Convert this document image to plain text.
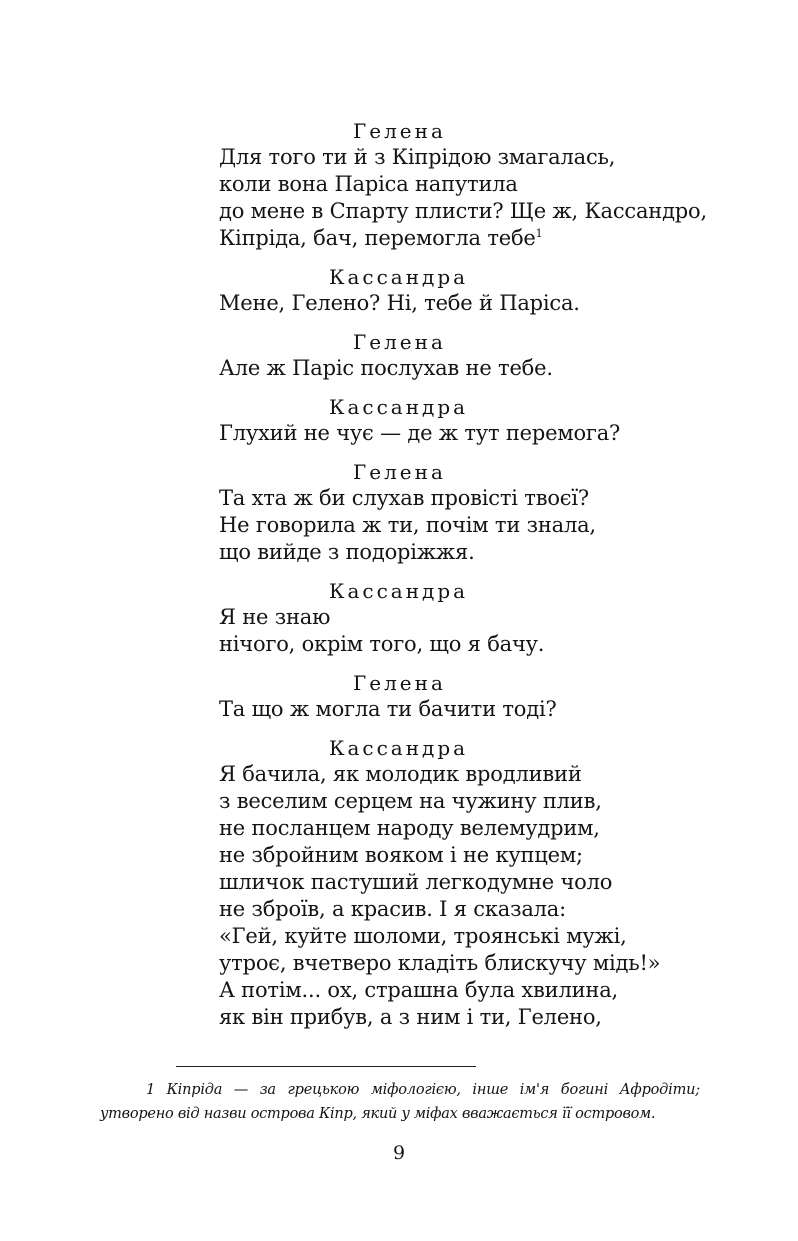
Гелена
Для того ти й з Кіпрідою змагалась,
коли вона Паріса напутила
до мене в Спарту плисти? Ще ж, Кассандро,
Кіпріда, бач, перемогла тебе$^1$
Кассандра
Мене, Гелено? Ні, тебе й Паріса.
Гелена
Але ж Паріс послухав не тебе.
Кассандра
Глухий не чує — де ж тут перемога?
Гелена
Та хта ж би слухав провісті твоєї?
Не говорила ж ти, почім ти знала,
що вийде з подоріжжя.
Кассандра
Я не знаю
нічого, окрім того, що я бачу.
Гелена
Та що ж могла ти бачити тоді?
Кассандра
Я бачила, як молодик вродливий
з веселим серцем на чужину плив,
не посланцем народу велемудрим,
не збройним вояком і не купцем;
шличок пастуший легкодумне чоло
не зброїв, а красив. І я сказала:
«Гей, куйте шоломи, троянські мужі,
утроє, вчетверо кладіть блискучу мідь!»
А потім... ох, страшна була хвилина,
як він прибув, а з ним і ти, Гелено,
1 Кіпріда — за грецькою міфологією, інше ім'я богині Афродіти;
утворено від назви острова Кіпр, який у міфах вважається її островом.
9
